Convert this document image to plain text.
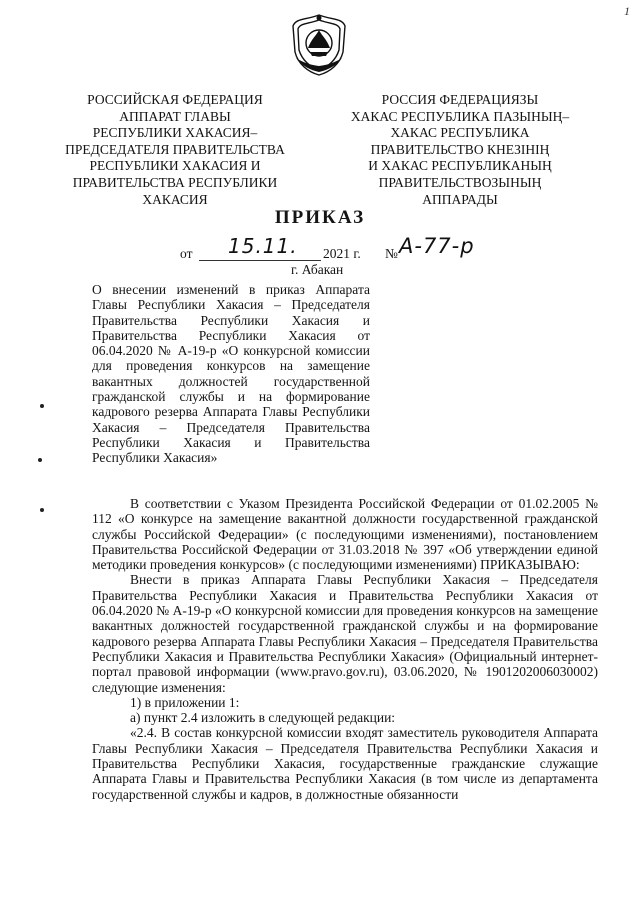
1
РОССИЙСКАЯ ФЕДЕРАЦИЯ
АППАРАТ ГЛАВЫ
РЕСПУБЛИКИ ХАКАСИЯ–
ПРЕДСЕДАТЕЛЯ ПРАВИТЕЛЬСТВА
РЕСПУБЛИКИ ХАКАСИЯ И
ПРАВИТЕЛЬСТВА РЕСПУБЛИКИ
ХАКАСИЯ
РОССИЯ ФЕДЕРАЦИЯЗЫ
ХАКАС РЕСПУБЛИКА ПАЗЫНЫҢ–
ХАКАС РЕСПУБЛИКА
ПРАВИТЕЛЬСТВО КНЕЗIНIҢ
И ХАКАС РЕСПУБЛИКАНЫҢ
ПРАВИТЕЛЬСТВОЗЫНЫҢ
АППАРАДЫ
ПРИКАЗ
от 15.11. 2021 г.
г. Абакан
№ А-77-р
О внесении изменений в приказ Аппарата Главы Республики Хакасия – Председателя Правительства Республики Хакасия и Правительства Республики Хакасия от 06.04.2020 № А-19-р «О конкурсной комиссии для проведения конкурсов на замещение вакантных должностей государственной гражданской службы и на формирование кадрового резерва Аппарата Главы Республики Хакасия – Председателя Правительства Республики Хакасия и Правительства Республики Хакасия»

В соответствии с Указом Президента Российской Федерации от 01.02.2005 № 112 «О конкурсе на замещение вакантной должности государственной гражданской службы Российской Федерации» (с последующими изменениями), постановлением Правительства Российской Федерации от 31.03.2018 № 397 «Об утверждении единой методики проведения конкурсов» (с последующими изменениями) ПРИКАЗЫВАЮ:

Внести в приказ Аппарата Главы Республики Хакасия – Председателя Правительства Республики Хакасия и Правительства Республики Хакасия от 06.04.2020 № А-19-р «О конкурсной комиссии для проведения конкурсов на замещение вакантных должностей государственной гражданской службы и на формирование кадрового резерва Аппарата Главы Республики Хакасия – Председателя Правительства Республики Хакасия и Правительства Республики Хакасия» (Официальный интернет-портал правовой информации (www.pravo.gov.ru), 03.06.2020, № 1901202006030002) следующие изменения:

1) в приложении 1:

а) пункт 2.4 изложить в следующей редакции:

«2.4. В состав конкурсной комиссии входят заместитель руководителя Аппарата Главы Республики Хакасия – Председателя Правительства Республики Хакасия и Правительства Республики Хакасия, государственные гражданские служащие Аппарата Главы и Правительства Республики Хакасия (в том числе из департамента государственной службы и кадров, в должностные обязанности
